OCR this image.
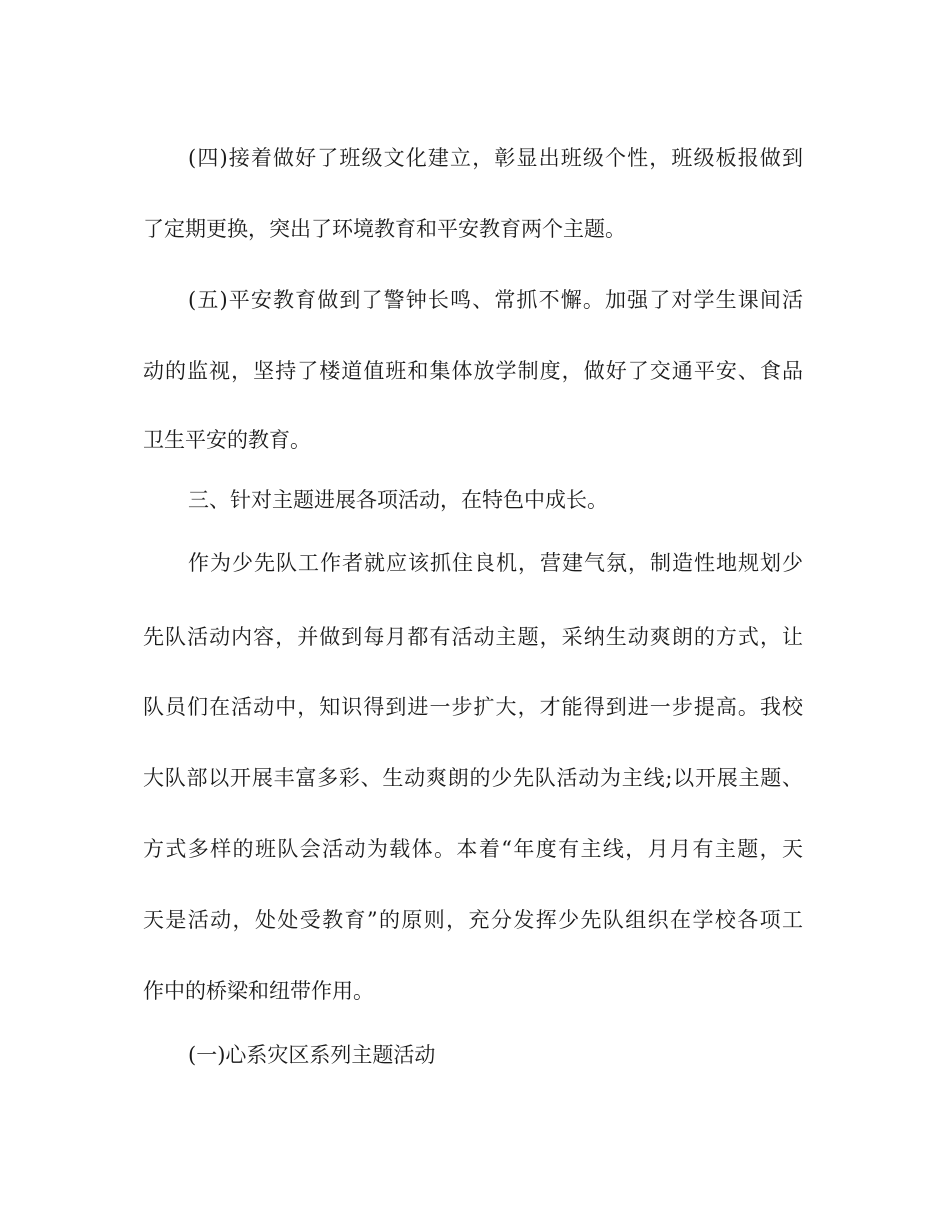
(四)接着做好了班级文化建立，彰显出班级个性，班级板报做到
了定期更换，突出了环境教育和平安教育两个主题。
(五)平安教育做到了警钟长鸣、常抓不懈。加强了对学生课间活
动的监视，坚持了楼道值班和集体放学制度，做好了交通平安、食品
卫生平安的教育。
三、针对主题进展各项活动，在特色中成长。
作为少先队工作者就应该抓住良机，营建气氛，制造性地规划少
先队活动内容，并做到每月都有活动主题，采纳生动爽朗的方式，让
队员们在活动中，知识得到进一步扩大，才能得到进一步提高。我校
大队部以开展丰富多彩、生动爽朗的少先队活动为主线;以开展主题、
方式多样的班队会活动为载体。本着“年度有主线，月月有主题，天
天是活动，处处受教育”的原则，充分发挥少先队组织在学校各项工
作中的桥梁和纽带作用。
(一)心系灾区系列主题活动
